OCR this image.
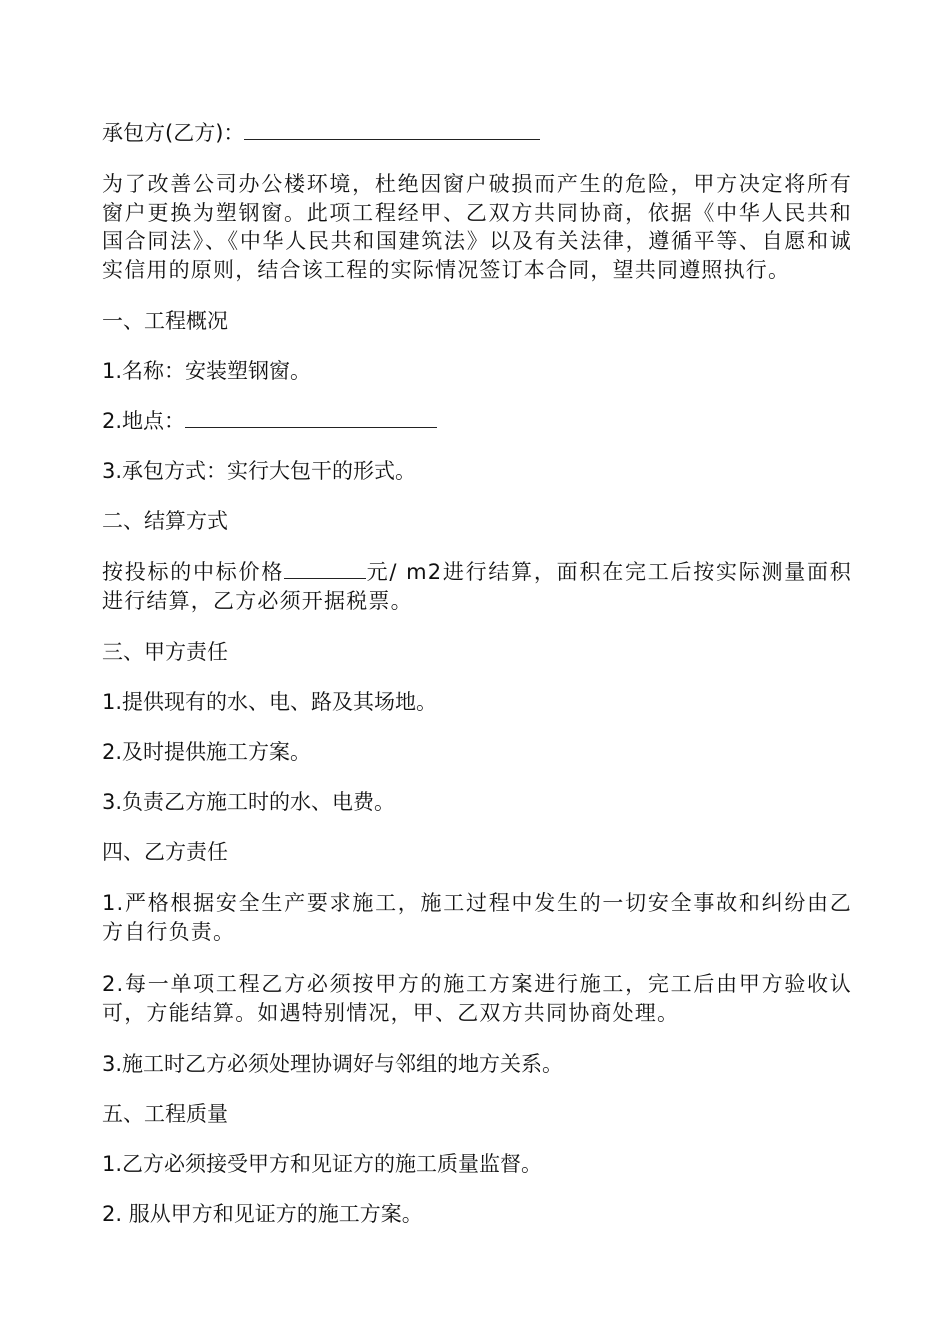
承包方(乙方)：

为了改善公司办公楼环境，杜绝因窗户破损而产生的危险，甲方决定将所有窗户更换为塑钢窗。此项工程经甲、乙双方共同协商，依据《中华人民共和国合同法》、《中华人民共和国建筑法》以及有关法律，遵循平等、自愿和诚实信用的原则，结合该工程的实际情况签订本合同，望共同遵照执行。

一、工程概况

1.名称：安装塑钢窗。

2.地点：

3.承包方式：实行大包干的形式。

二、结算方式

按投标的中标价格	元/ m2进行结算，面积在完工后按实际测量面积进行结算，乙方必须开据税票。

三、甲方责任

1.提供现有的水、电、路及其场地。

2.及时提供施工方案。

3.负责乙方施工时的水、电费。

四、乙方责任

1.严格根据安全生产要求施工，施工过程中发生的一切安全事故和纠纷由乙方自行负责。

2.每一单项工程乙方必须按甲方的施工方案进行施工，完工后由甲方验收认可，方能结算。如遇特别情况，甲、乙双方共同协商处理。

3.施工时乙方必须处理协调好与邻组的地方关系。

五、工程质量

1.乙方必须接受甲方和见证方的施工质量监督。

2. 服从甲方和见证方的施工方案。
